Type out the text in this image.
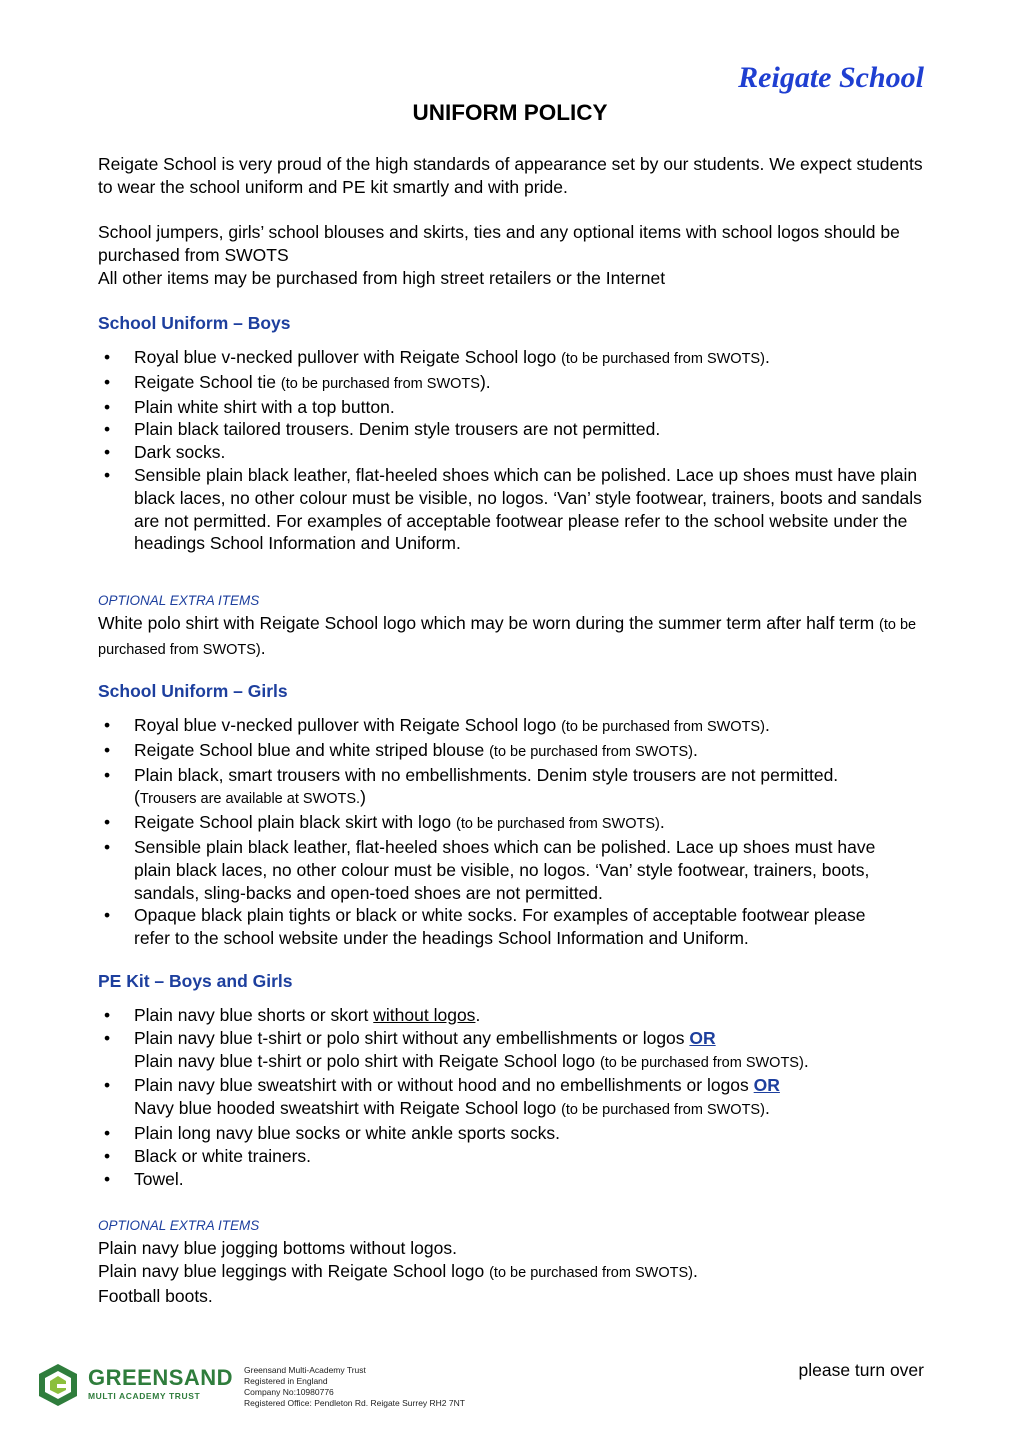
Reigate School
UNIFORM POLICY
Reigate School is very proud of the high standards of appearance set by our students. We expect students to wear the school uniform and PE kit smartly and with pride.
School jumpers, girls’ school blouses and skirts, ties and any optional items with school logos should be purchased from SWOTS
All other items may be purchased from high street retailers or the Internet
School Uniform – Boys
• Royal blue v-necked pullover with Reigate School logo (to be purchased from SWOTS).
• Reigate School tie (to be purchased from SWOTS).
• Plain white shirt with a top button.
• Plain black tailored trousers. Denim style trousers are not permitted.
• Dark socks.
• Sensible plain black leather, flat-heeled shoes which can be polished. Lace up shoes must have plain black laces, no other colour must be visible, no logos. ‘Van’ style footwear, trainers, boots and sandals are not permitted. For examples of acceptable footwear please refer to the school website under the headings School Information and Uniform.
OPTIONAL EXTRA ITEMS
White polo shirt with Reigate School logo which may be worn during the summer term after half term (to be purchased from SWOTS).
School Uniform – Girls
• Royal blue v-necked pullover with Reigate School logo (to be purchased from SWOTS).
• Reigate School blue and white striped blouse (to be purchased from SWOTS).
• Plain black, smart trousers with no embellishments. Denim style trousers are not permitted. (Trousers are available at SWOTS.)
• Reigate School plain black skirt with logo (to be purchased from SWOTS).
• Sensible plain black leather, flat-heeled shoes which can be polished. Lace up shoes must have plain black laces, no other colour must be visible, no logos. ‘Van’ style footwear, trainers, boots, sandals, sling-backs and open-toed shoes are not permitted.
• Opaque black plain tights or black or white socks. For examples of acceptable footwear please refer to the school website under the headings School Information and Uniform.
PE Kit – Boys and Girls
• Plain navy blue shorts or skort without logos.
• Plain navy blue t-shirt or polo shirt without any embellishments or logos OR
Plain navy blue t-shirt or polo shirt with Reigate School logo (to be purchased from SWOTS).
• Plain navy blue sweatshirt with or without hood and no embellishments or logos OR
Navy blue hooded sweatshirt with Reigate School logo (to be purchased from SWOTS).
• Plain long navy blue socks or white ankle sports socks.
• Black or white trainers.
• Towel.
OPTIONAL EXTRA ITEMS
Plain navy blue jogging bottoms without logos.
Plain navy blue leggings with Reigate School logo (to be purchased from SWOTS).
Football boots.
GREENSAND
MULTI ACADEMY TRUST
Greensand Multi-Academy Trust
Registered in England
Company No:10980776
Registered Office: Pendleton Rd. Reigate Surrey RH2 7NT
please turn over
